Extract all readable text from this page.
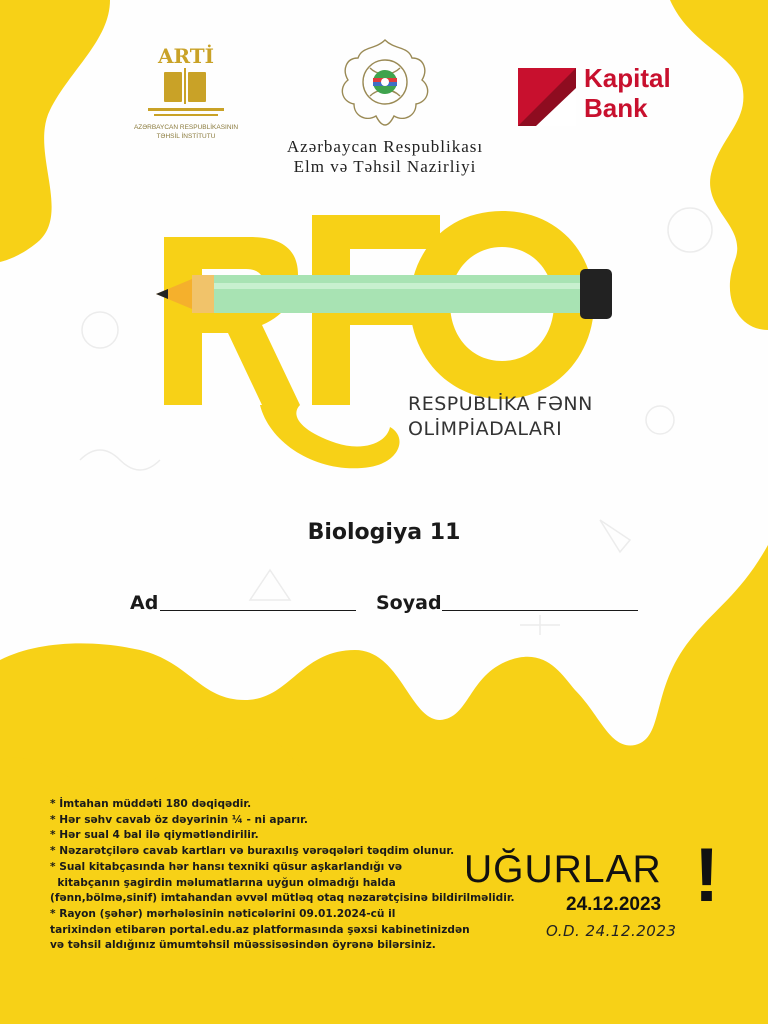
ARTİ
AZƏRBAYCAN RESPUBLİKASININ
TƏHSİL İNSTİTUTU
Azərbaycan Respublikası
Elm və Təhsil Nazirliyi
Kapital
Bank
RESPUBLİKA FƏNN
OLİMPİADALARI
Biologiya 11
Ad	Soyad
* İmtahan müddəti 180 dəqiqədir.
* Hər səhv cavab öz dəyərinin ¼ - ni aparır.
* Hər sual 4 bal ilə qiymətləndirilir.
* Nəzarətçilərə cavab kartları və buraxılış vərəqələri təqdim olunur.
* Sual kitabçasında hər hansı texniki qüsur aşkarlandığı və
kitabçanın şagirdin məlumatlarına uyğun olmadığı halda
(fənn,bölmə,sinif) imtahandan əvvəl mütləq otaq nəzarətçisinə bildirilməlidir.
* Rayon (şəhər) mərhələsinin nəticələrini 09.01.2024-cü il
tarixindən etibarən portal.edu.az platformasında şəxsi kabinetinizdən
və təhsil aldığınız ümumtəhsil müəssisəsindən öyrənə bilərsiniz.
UĞURLAR !
24.12.2023
O.D. 24.12.2023
